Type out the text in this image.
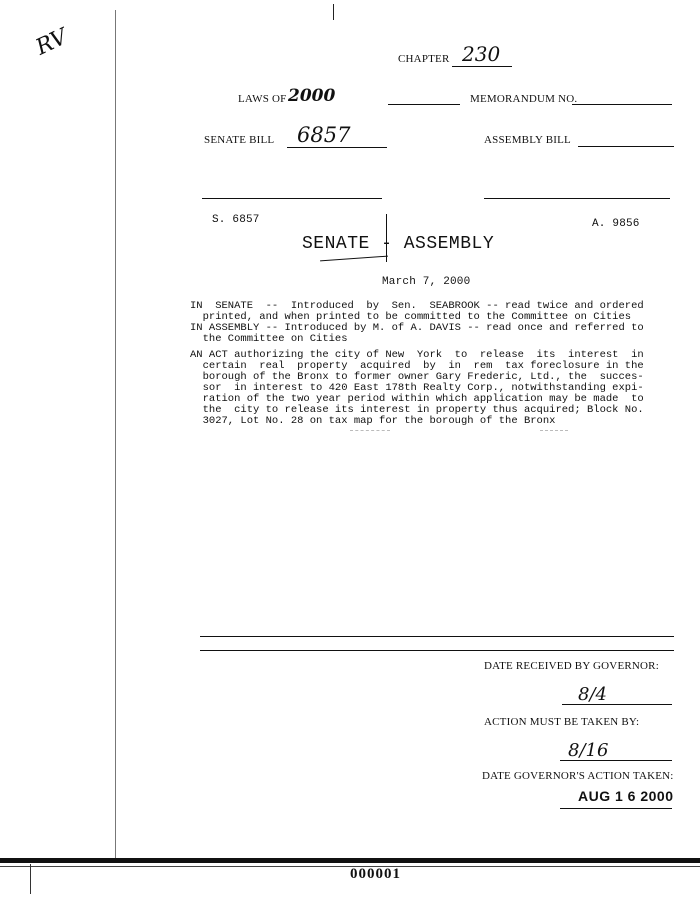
RV	CHAPTER 230
LAWS OF 2000	MEMORANDUM NO.
SENATE BILL 6857	ASSEMBLY BILL
S. 6857	A. 9856
SENATE - ASSEMBLY
March 7, 2000
IN  SENATE  --  Introduced  by  Sen.  SEABROOK -- read twice and ordered
printed, and when printed to be committed to the Committee on Cities
IN ASSEMBLY -- Introduced by M. of A. DAVIS -- read once and referred to
the Committee on Cities
AN ACT authorizing the city of New  York  to  release  its  interest  in
certain  real  property  acquired  by  in  rem  tax foreclosure in the
borough of the Bronx to former owner Gary Frederic, Ltd., the  succes-
sor  in interest to 420 East 178th Realty Corp., notwithstanding expi-
ration of the two year period within which application may be made  to
the  city to release its interest in property thus acquired; Block No.
3027, Lot No. 28 on tax map for the borough of the Bronx
DATE RECEIVED BY GOVERNOR:
8/4
ACTION MUST BE TAKEN BY:
8/16
DATE GOVERNOR'S ACTION TAKEN:
AUG 1 6 2000
000001
